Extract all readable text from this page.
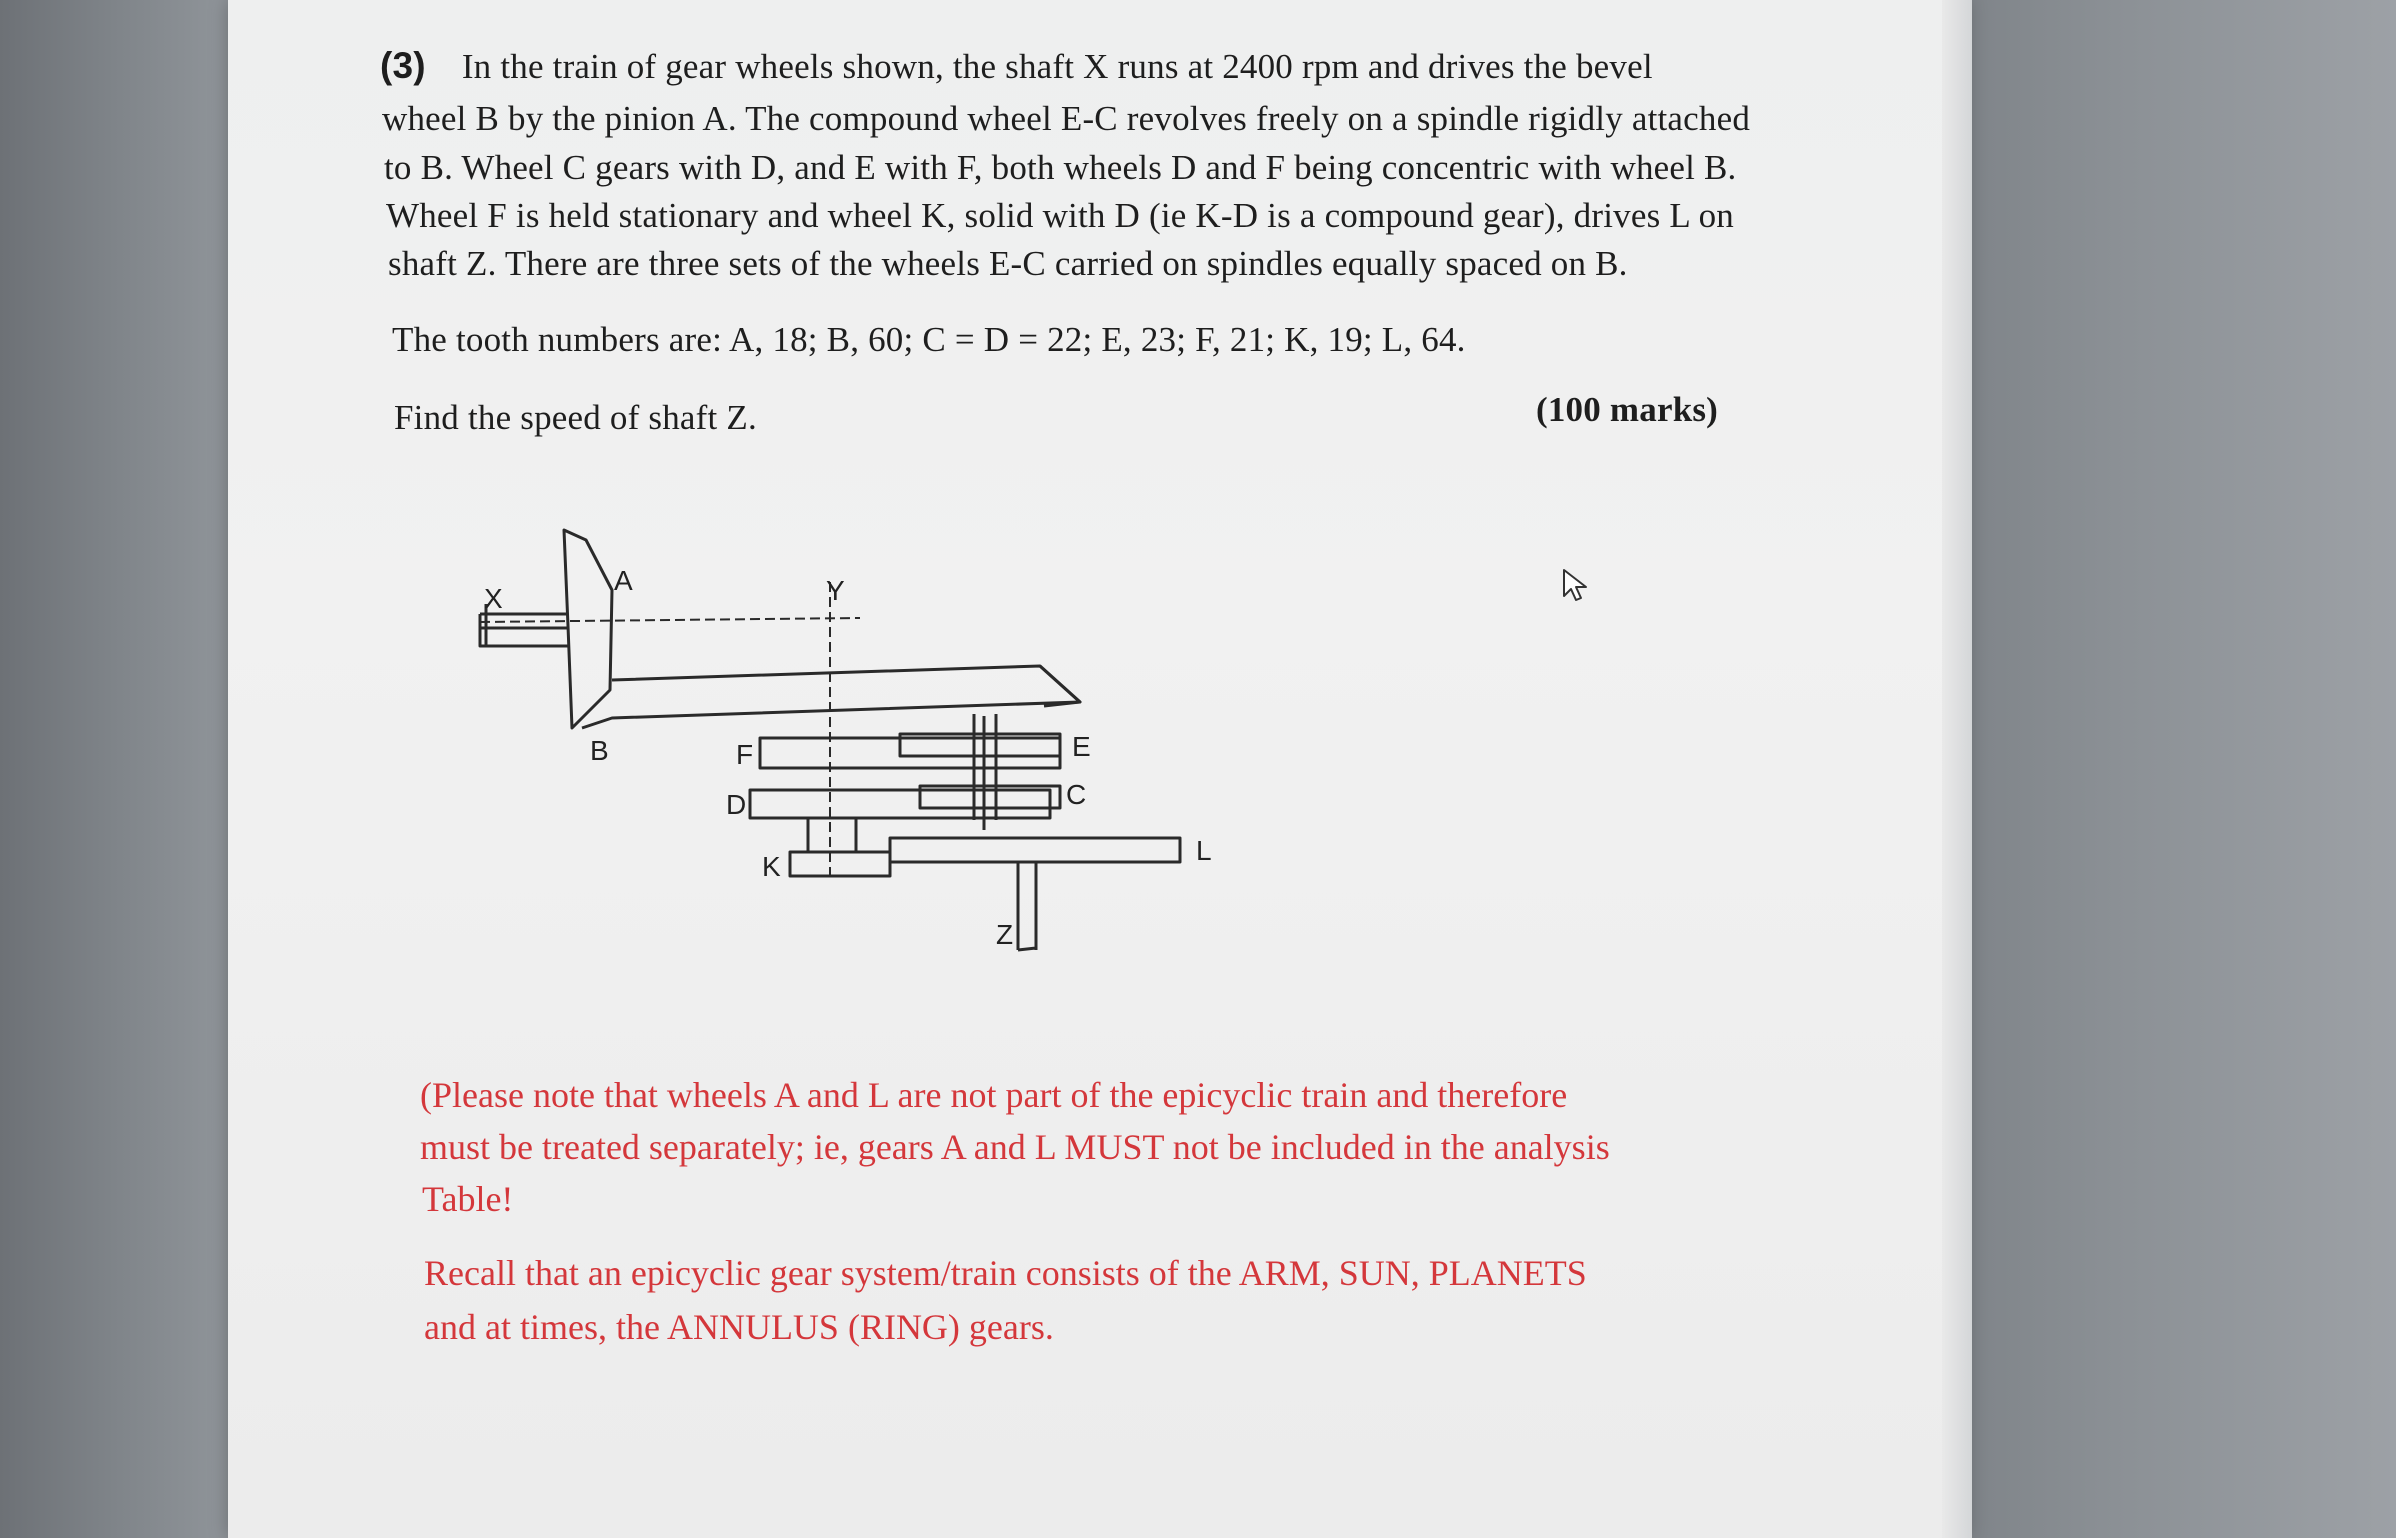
(3) In the train of gear wheels shown, the shaft X runs at 2400 rpm and drives the bevel
wheel B by the pinion A. The compound wheel E-C revolves freely on a spindle rigidly attached
to B. Wheel C gears with D, and E with F, both wheels D and F being concentric with wheel B.
Wheel F is held stationary and wheel K, solid with D (ie K-D is a compound gear), drives L on
shaft Z. There are three sets of the wheels E-C carried on spindles equally spaced on B.
The tooth numbers are: A, 18; B, 60; C = D = 22; E, 23; F, 21; K, 19; L, 64.
Find the speed of shaft Z.	(100 marks)
X
A	Y
B	F	E
D	C
K
L
Z
(Please note that wheels A and L are not part of the epicyclic train and therefore
must be treated separately; ie, gears A and L MUST not be included in the analysis
Table!
Recall that an epicyclic gear system/train consists of the ARM, SUN, PLANETS
and at times, the ANNULUS (RING) gears.
